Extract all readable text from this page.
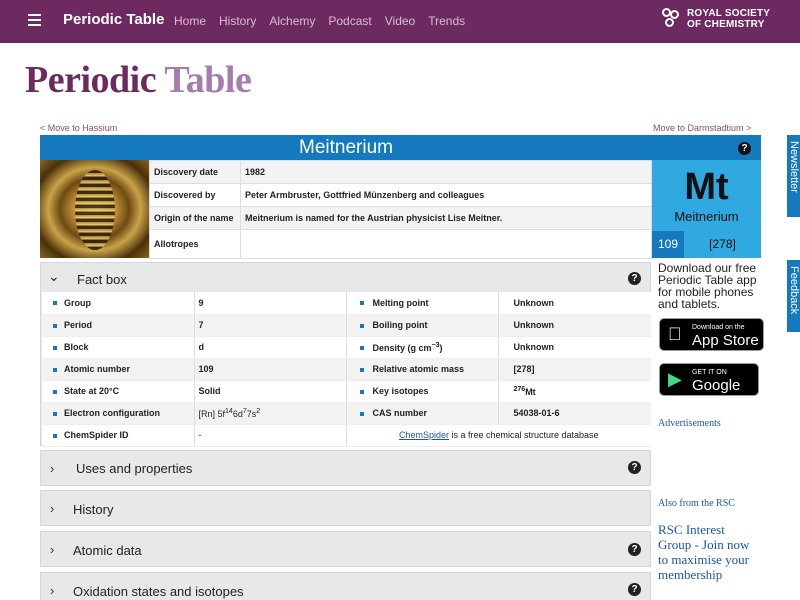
Periodic Table Home History Alchemy Podcast Video Trends
ROYAL SOCIETY
OF CHEMISTRY
Periodic Table
< Move to Hassium	Move to Darmstadtium >
Meitnerium	?
Discovery date	1982
Discovered by	Peter Armbruster, Gottfried Münzenberg and colleagues
Origin of the name	Meitnerium is named for the Austrian physicist Lise Meitner.
Allotropes	
Mt
Meitnerium
109	[278]
⌄ Fact box	?
Group	9	Melting point	Unknown
Period	7	Boiling point	Unknown
Block	d	Density (g $cm^{-3}$)	Unknown
Atomic number	109	Relative atomic mass	[278]
State at 20°C	Solid	Key isotopes	$^{276}$Mt
Electron configuration	[Rn] $5f^{14}6d^77s^2$	CAS number	54038-01-6
ChemSpider ID	-	ChemSpider is a free chemical structure database	
› Uses and properties	?
› History
› Atomic data	?
› Oxidation states and isotopes	?
Download our free Periodic Table app for mobile phones and tablets.
Download on the
App Store
▶ GET IT ON
Google play
Advertisements
Also from the RSC
RSC Interest Group - Join now to maximise your membership
Newsletter
Feedback
